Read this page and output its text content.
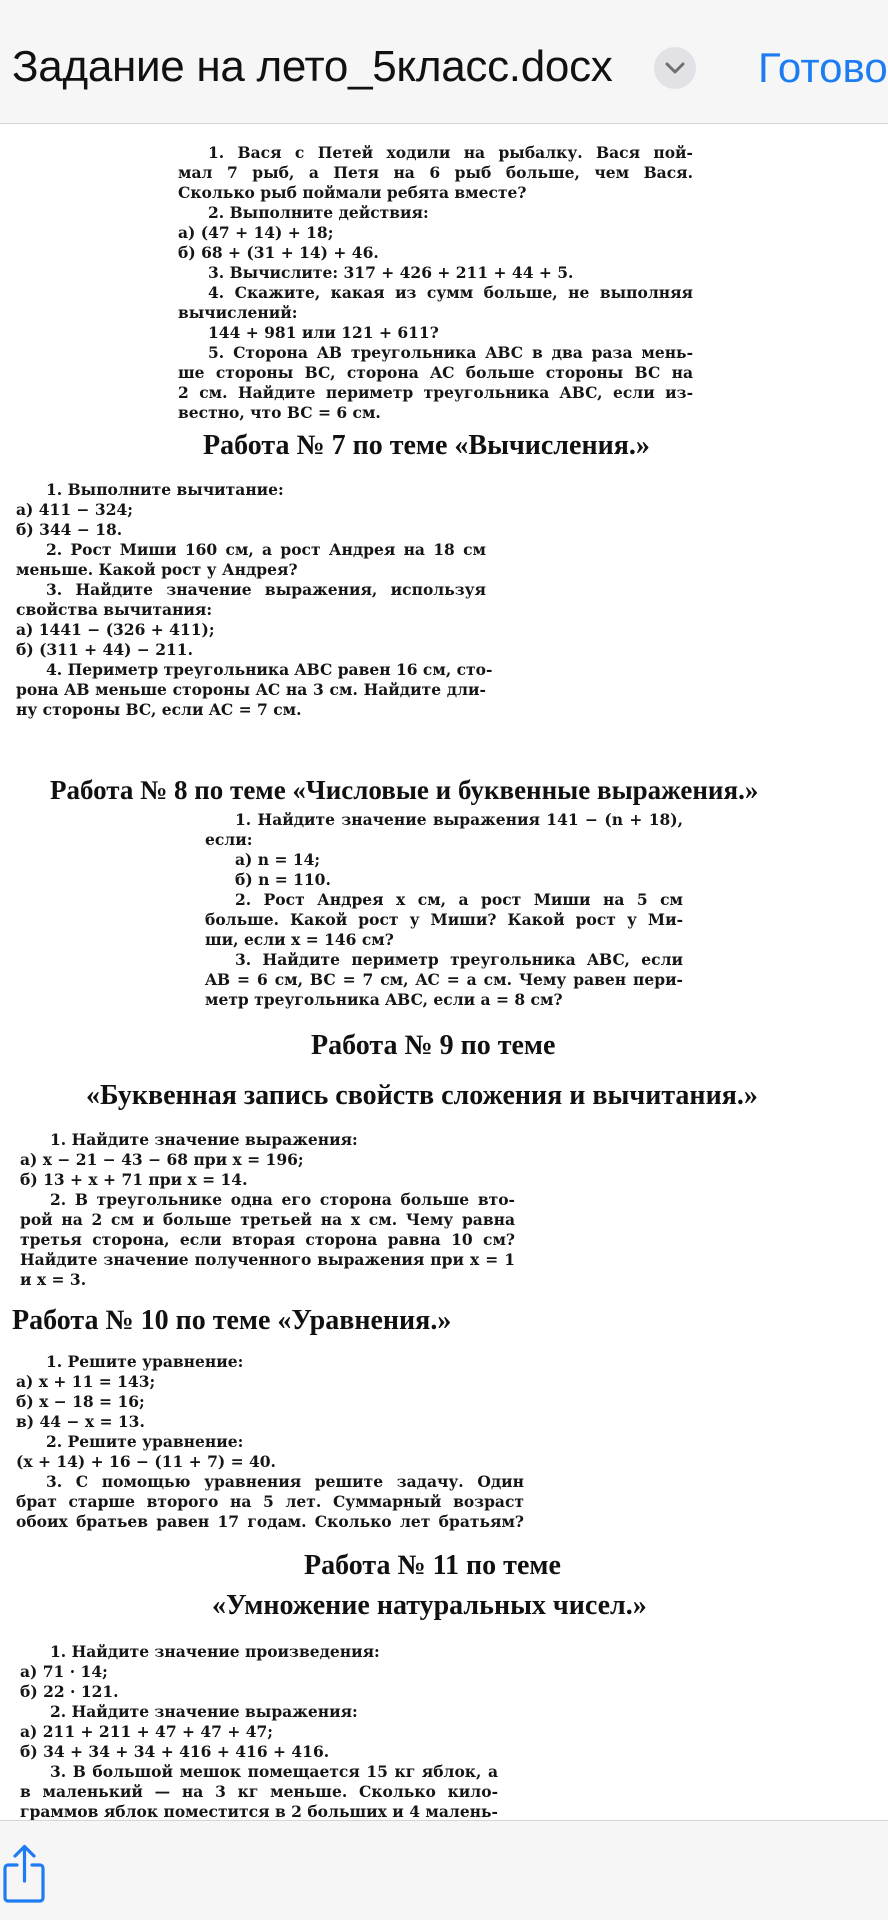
Задание на лето_5класс.docx	Готово

1. Вася с Петей ходили на рыбалку. Вася пой-

мал 7 рыб, а Петя на 6 рыб больше, чем Вася.

Сколько рыб поймали ребята вместе?

2. Выполните действия:

а) (47 + 14) + 18;

б) 68 + (31 + 14) + 46.

3. Вычислите: 317 + 426 + 211 + 44 + 5.

4. Скажите, какая из сумм больше, не выполняя

вычислений:

144 + 981 или 121 + 611?

5. Сторона AB треугольника ABC в два раза мень-

ше стороны BC, сторона AC больше стороны BC на

2 см. Найдите периметр треугольника ABC, если из-

вестно, что BC = 6 см.

Работа № 7 по теме «Вычисления.»

1. Выполните вычитание:

а) 411 − 324;

б) 344 − 18.

2. Рост Миши 160 см, а рост Андрея на 18 см

меньше. Какой рост у Андрея?

3. Найдите значение выражения, используя

свойства вычитания:

а) 1441 − (326 + 411);

б) (311 + 44) − 211.

4. Периметр треугольника ABC равен 16 см, сто-

рона AB меньше стороны AC на 3 см. Найдите дли-

ну стороны BC, если AC = 7 см.

Работа № 8 по теме «Числовые и буквенные выражения.»

1. Найдите значение выражения 141 − (n + 18),

если:

а) n = 14;

б) n = 110.

2. Рост Андрея x см, а рост Миши на 5 см

больше. Какой рост у Миши? Какой рост у Ми-

ши, если x = 146 см?

3. Найдите периметр треугольника ABC, если

AB = 6 см, BC = 7 см, AC = a см. Чему равен пери-

метр треугольника ABC, если a = 8 см?

Работа № 9 по теме
«Буквенная запись свойств сложения и вычитания.»

1. Найдите значение выражения:

а) x − 21 − 43 − 68 при x = 196;

б) 13 + x + 71 при x = 14.

2. В треугольнике одна его сторона больше вто-

рой на 2 см и больше третьей на x см. Чему равна

третья сторона, если вторая сторона равна 10 см?

Найдите значение полученного выражения при x = 1

и x = 3.

Работа № 10 по теме «Уравнения.»

1. Решите уравнение:

а) x + 11 = 143;

б) x − 18 = 16;

в) 44 − x = 13.

2. Решите уравнение:

(x + 14) + 16 − (11 + 7) = 40.

3. С помощью уравнения решите задачу. Один

брат старше второго на 5 лет. Суммарный возраст

обоих братьев равен 17 годам. Сколько лет братьям?

Работа № 11 по теме
«Умножение натуральных чисел.»

1. Найдите значение произведения:

а) 71 · 14;

б) 22 · 121.

2. Найдите значение выражения:

а) 211 + 211 + 47 + 47 + 47;

б) 34 + 34 + 34 + 416 + 416 + 416.

3. В большой мешок помещается 15 кг яблок, а

в маленький — на 3 кг меньше. Сколько кило-

граммов яблок поместится в 2 больших и 4 малень-
